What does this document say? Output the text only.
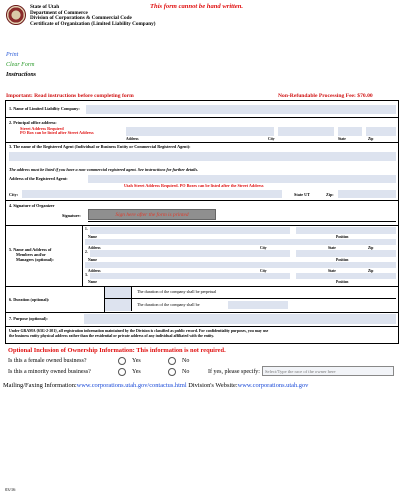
State of Utah
Department of Commerce
Division of Corporations & Commercial Code
Certificate of Organization (Limited Liability Company)
This form cannot be hand written.
Print
Clear Form
Instructions
Important: Read instructions before completing form	Non-Refundable Processing Fee: $70.00
1. Name of Limited Liability Company:
2. Principal office address:
Street Address Required
PO Box can be listed after Street Address
Address	City	State	Zip
3. The name of the Registered Agent (Individual or Business Entity or Commercial Registered Agent):
The address must be listed if you have a non-commercial registered agent. See instructions for further details.
Address of the Registered Agent:
Utah Street Address Required. PO Boxes can be listed after the Street Address
City:	State UT	Zip:
4. Signature of Organizer
Signature:	Sign here after the form is printed
5. Name and Address of
Members and/or
Managers (optional):
1.
Name	Position
Address	City	State	Zip
2.
Name	Position
Address	City	State	Zip
3.
Name	Position
6. Duration (optional):
The duration of the company shall be perpetual
The duration of the company shall be
7. Purpose (optional):
Under GRAMA {63G-2-201}, all registration information maintained by the Division is classified as public record. For confidentiality purposes, you may use
the business entity physical address rather than the residential or private address of any individual affiliated with the entity.
Optional Inclusion of Ownership Information: This information is not required.
Is this a female owned business?	Yes	No
Is this a minority owned business?	Yes	No	If yes, please specify:	Select/Type the race of the owner here
Mailing/Faxing Information:www.corporations.utah.gov/contactus.html Division's Website:www.corporations.utah.gov
03/16
